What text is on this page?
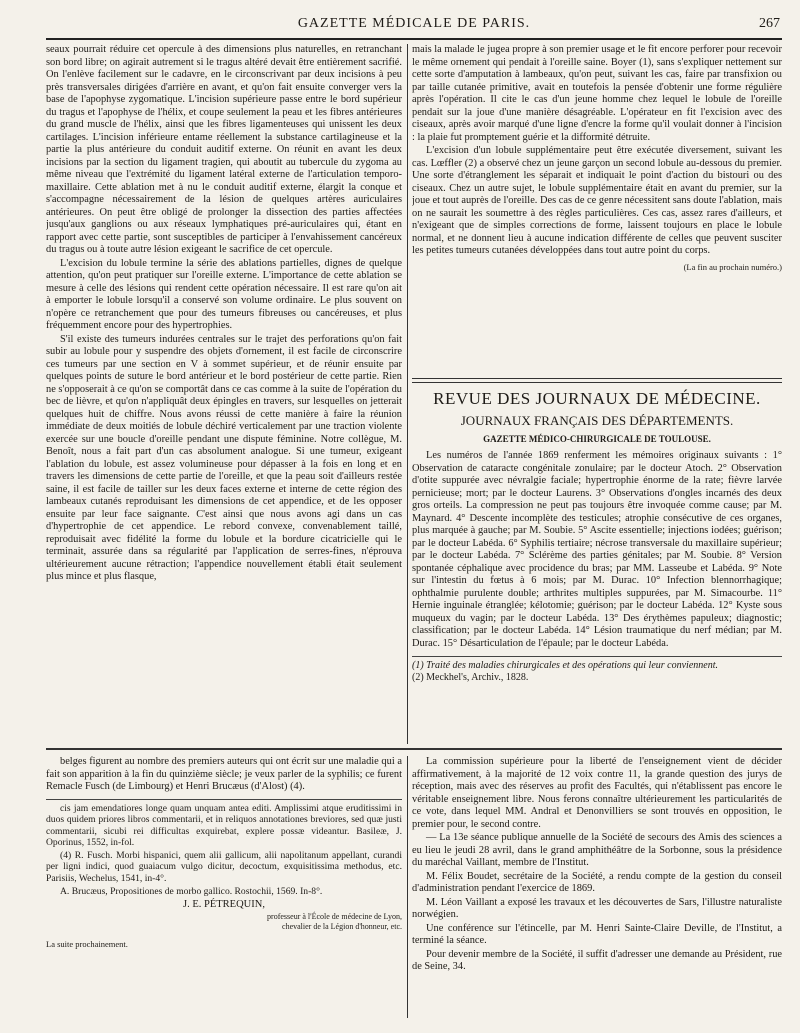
GAZETTE MÉDICALE DE PARIS.	267

seaux pourrait réduire cet opercule à des dimensions plus naturelles, en retranchant son bord libre; on agirait autrement si le tragus altéré devait être entièrement sacrifié. On l'enlève facilement sur le cadavre, en le circonscrivant par deux incisions à peu près transversales dirigées d'arrière en avant, et qu'on fait ensuite converger vers la base de l'apophyse zygomatique. L'incision supérieure passe entre le bord supérieur du tragus et l'apophyse de l'hélix, et coupe seulement la peau et les fibres antérieures du grand muscle de l'hélix, ainsi que les fibres ligamenteuses qui unissent les deux cartilages. L'incision inférieure entame réellement la substance cartilagineuse et la partie la plus antérieure du conduit auditif externe. On réunit en avant les deux incisions par la section du ligament tragien, qui aboutit au tubercule du zygoma au même niveau que l'extrémité du ligament latéral externe de l'articulation temporo-maxillaire. Cette ablation met à nu le conduit auditif externe, élargit la conque et s'accompagne nécessairement de la lésion de quelques artères auriculaires antérieures. On peut être obligé de prolonger la dissection des parties affectées jusqu'aux ganglions ou aux réseaux lymphatiques pré-auriculaires qui, étant en rapport avec cette partie, sont susceptibles de participer à l'envahissement cancéreux du tragus ou à toute autre lésion exigeant le sacrifice de cet opercule.

L'excision du lobule termine la série des ablations partielles, dignes de quelque attention, qu'on peut pratiquer sur l'oreille externe. L'importance de cette ablation se mesure à celle des lésions qui rendent cette opération nécessaire. Il est rare qu'on ait à emporter le lobule lorsqu'il a conservé son volume ordinaire. Le plus souvent on n'opère ce retranchement que pour des tumeurs fibreuses ou cancéreuses, et plus fréquemment encore pour des hypertrophies.

S'il existe des tumeurs indurées centrales sur le trajet des perforations qu'on fait subir au lobule pour y suspendre des objets d'ornement, il est facile de circonscrire ces tumeurs par une section en V à sommet supérieur, et de réunir ensuite par quelques points de suture le bord antérieur et le bord postérieur de cette partie. Rien ne s'opposerait à ce qu'on se comportât dans ce cas comme à la suite de l'opération du bec de lièvre, et qu'on n'appliquât deux épingles en travers, sur lesquelles on jetterait quelques huit de chiffre. Nous avons réussi de cette manière à faire la réunion immédiate de deux moitiés de lobule déchiré verticalement par une traction violente exercée sur une boucle d'oreille pendant une dispute féminine. Notre collègue, M. Benoît, nous a fait part d'un cas absolument analogue. Si une tumeur, exigeant l'ablation du lobule, est assez volumineuse pour dépasser à la fois en long et en travers les dimensions de cette partie de l'oreille, et que la peau soit d'ailleurs restée saine, il est facile de tailler sur les deux faces externe et interne de cette région des lambeaux cutanés reproduisant les dimensions de cet appendice, et de les opposer ensuite par leur face saignante. C'est ainsi que nous avons agi dans un cas d'hypertrophie de cet appendice. Le rebord convexe, convenablement taillé, reproduisait avec fidélité la forme du lobule et la bordure cicatricielle qui le terminait, assurée dans sa régularité par l'application de serres-fines, n'éprouva ultérieurement aucune rétraction; l'appendice nouvellement établi était seulement plus mince et plus flasque,

mais la malade le jugea propre à son premier usage et le fit encore perforer pour recevoir le même ornement qui pendait à l'oreille saine. Boyer (1), sans s'expliquer nettement sur cette sorte d'amputation à lambeaux, qu'on peut, suivant les cas, faire par transfixion ou par taille cutanée primitive, avait en toutefois la pensée d'obtenir une forme régulière après l'opération. Il cite le cas d'un jeune homme chez lequel le lobule de l'oreille pendait sur la joue d'une manière désagréable. L'opérateur en fit l'excision avec des ciseaux, après avoir marqué d'une ligne d'encre la forme qu'il voulait donner à l'incision : la plaie fut promptement guérie et la difformité détruite.

L'excision d'un lobule supplémentaire peut être exécutée diversement, suivant les cas. Lœffler (2) a observé chez un jeune garçon un second lobule au-dessous du premier. Une sorte d'étranglement les séparait et indiquait le point d'action du bistouri ou des ciseaux. Chez un autre sujet, le lobule supplémentaire était en avant du premier, sur la joue et tout auprès de l'oreille. Des cas de ce genre nécessitent sans doute l'ablation, mais on ne saurait les soumettre à des règles particulières. Ces cas, assez rares d'ailleurs, et n'exigeant que de simples corrections de forme, laissent toujours en place le lobule normal, et ne donnent lieu à aucune indication différente de celles que peuvent susciter les petites tumeurs cutanées développées dans tout autre point du corps.

(La fin au prochain numéro.)
REVUE DES JOURNAUX DE MÉDECINE.
JOURNAUX FRANÇAIS DES DÉPARTEMENTS.
GAZETTE MÉDICO-CHIRURGICALE DE TOULOUSE.

Les numéros de l'année 1869 renferment les mémoires originaux suivants : 1° Observation de cataracte congénitale zonulaire; par le docteur Atoch. 2° Observation d'otite suppurée avec névralgie faciale; hypertrophie énorme de la rate; fièvre larvée pernicieuse; mort; par le docteur Laurens. 3° Observations d'ongles incarnés des deux gros orteils. La compression ne peut pas toujours être invoquée comme cause; par M. Maynard. 4° Descente incomplète des testicules; atrophie consécutive de ces organes, plus marquée à gauche; par M. Soubie. 5° Ascite essentielle; injections iodées; guérison; par le docteur Labéda. 6° Syphilis tertiaire; nécrose transversale du maxillaire supérieur; par le docteur Labéda. 7° Sclérème des parties génitales; par M. Soubie. 8° Version spontanée céphalique avec procidence du bras; par MM. Lasseube et Labéda. 9° Note sur l'intestin du fœtus à 6 mois; par M. Durac. 10° Infection blennorrhagique; ophthalmie purulente double; arthrites multiples suppurées, par M. Simacourbe. 11° Hernie inguinale étranglée; kélotomie; guérison; par le docteur Labéda. 12° Kyste sous muqueux du vagin; par le docteur Labéda. 13° Des érythèmes papuleux; diagnostic; classification; par le docteur Labéda. 14° Lésion traumatique du nerf médian; par M. Durac. 15° Désarticulation de l'épaule; par le docteur Labéda.

(1) Traité des maladies chirurgicales et des opérations qui leur conviennent.
(2) Meckhel's, Archiv., 1828.

belges figurent au nombre des premiers auteurs qui ont écrit sur une maladie qui a fait son apparition à la fin du quinzième siècle; je veux parler de la syphilis; ce furent Remacle Fusch (de Limbourg) et Henri Brucæus (d'Alost) (4).

cis jam emendatiores longe quam unquam antea editi. Amplissimi atque eruditissimi in duos quidem priores libros commentarii, et in reliquos annotationes breviores, sed quæ justi commentarii, sicubi rei difficultas exquirebat, explere possæ videantur. Basileæ, J. Oporinus, 1552, in-fol.

(4) R. Fusch. Morbi hispanici, quem alii gallicum, alii napolitanum appellant, curandi per ligni indici, quod guaiacum vulgo dicitur, decoctum, exquisitissima methodus, etc. Parisiis, Wechelus, 1541, in-4°.

A. Brucæus, Propositiones de morbo gallico. Rostochii, 1569. In-8°.

J. E. PÉTREQUIN,
professeur à l'École de médecine de Lyon,
chevalier de la Légion d'honneur, etc.
La suite prochainement.

La commission supérieure pour la liberté de l'enseignement vient de décider affirmativement, à la majorité de 12 voix contre 11, la grande question des jurys de réception, mais avec des réserves au profit des Facultés, qui n'établissent pas encore le véritable enseignement libre. Nous ferons connaître ultérieurement les particularités de ce vote, dans lequel MM. Andral et Denonvilliers se sont trouvés en opposition, le premier pour, le second contre.

— La 13e séance publique annuelle de la Société de secours des Amis des sciences a eu lieu le jeudi 28 avril, dans le grand amphithéâtre de la Sorbonne, sous la présidence du maréchal Vaillant, membre de l'Institut.

M. Félix Boudet, secrétaire de la Société, a rendu compte de la gestion du conseil d'administration pendant l'exercice de 1869.

M. Léon Vaillant a exposé les travaux et les découvertes de Sars, l'illustre naturaliste norwégien.

Une conférence sur l'étincelle, par M. Henri Sainte-Claire Deville, de l'Institut, a terminé la séance.

Pour devenir membre de la Société, il suffit d'adresser une demande au Président, rue de Seine, 34.
